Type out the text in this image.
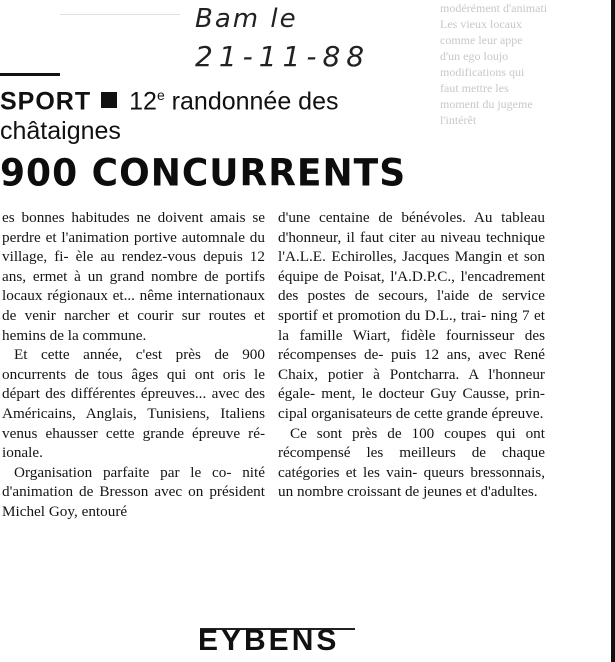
modérément d'animati
Les vieux locaux
comme leur appe
d'un ego loujo
modifications qui
faut mettre les
moment du jugeme
l'intérêt
Bam le
21-11-88
SPORT 12e randonnée des châtaignes
900 CONCURRENTS

es bonnes habitudes ne doivent amais se perdre et l'animation portive automnale du village, fi- èle au rendez-vous depuis 12 ans, ermet à un grand nombre de portifs locaux régionaux et... nême internationaux de venir narcher et courir sur routes et hemins de la commune.

Et cette année, c'est près de 900 oncurrents de tous âges qui ont oris le départ des différentes épreuves... avec des Américains, Anglais, Tunisiens, Italiens venus ehausser cette grande épreuve ré- ionale.

Organisation parfaite par le co- nité d'animation de Bresson avec on président Michel Goy, entouré

d'une centaine de bénévoles. Au tableau d'honneur, il faut citer au niveau technique l'A.L.E. Echirolles, Jacques Mangin et son équipe de Poisat, l'A.D.P.C., l'encadrement des postes de secours, l'aide de service sportif et promotion du D.L., trai- ning 7 et la famille Wiart, fidèle fournisseur des récompenses de- puis 12 ans, avec René Chaix, potier à Pontcharra. A l'honneur égale- ment, le docteur Guy Causse, prin- cipal organisateurs de cette grande épreuve.

Ce sont près de 100 coupes qui ont récompensé les meilleurs de chaque catégories et les vain- queurs bressonnais, un nombre croissant de jeunes et d'adultes.

EYBENS
